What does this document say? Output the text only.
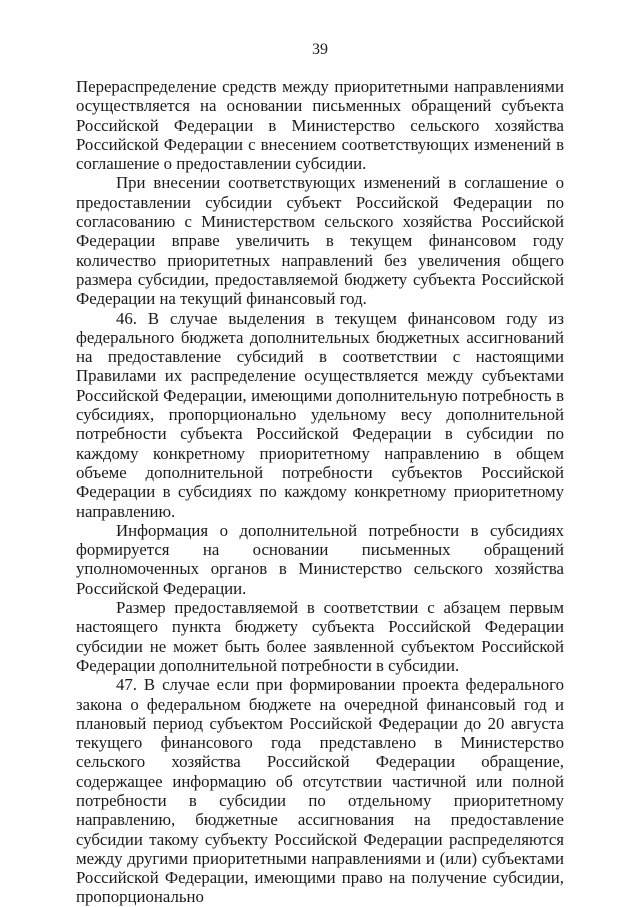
39

Перераспределение средств между приоритетными направлениями осуществляется на основании письменных обращений субъекта Российской Федерации в Министерство сельского хозяйства Российской Федерации с внесением соответствующих изменений в соглашение о предоставлении субсидии.

При внесении соответствующих изменений в соглашение о предоставлении субсидии субъект Российской Федерации по согласованию с Министерством сельского хозяйства Российской Федерации вправе увеличить в текущем финансовом году количество приоритетных направлений без увеличения общего размера субсидии, предоставляемой бюджету субъекта Российской Федерации на текущий финансовый год.

46. В случае выделения в текущем финансовом году из федерального бюджета дополнительных бюджетных ассигнований на предоставление субсидий в соответствии с настоящими Правилами их распределение осуществляется между субъектами Российской Федерации, имеющими дополнительную потребность в субсидиях, пропорционально удельному весу дополнительной потребности субъекта Российской Федерации в субсидии по каждому конкретному приоритетному направлению в общем объеме дополнительной потребности субъектов Российской Федерации в субсидиях по каждому конкретному приоритетному направлению.

Информация о дополнительной потребности в субсидиях формируется на основании письменных обращений уполномоченных органов в Министерство сельского хозяйства Российской Федерации.

Размер предоставляемой в соответствии с абзацем первым настоящего пункта бюджету субъекта Российской Федерации субсидии не может быть более заявленной субъектом Российской Федерации дополнительной потребности в субсидии.

47. В случае если при формировании проекта федерального закона о федеральном бюджете на очередной финансовый год и плановый период субъектом Российской Федерации до 20 августа текущего финансового года представлено в Министерство сельского хозяйства Российской Федерации обращение, содержащее информацию об отсутствии частичной или полной потребности в субсидии по отдельному приоритетному направлению, бюджетные ассигнования на предоставление субсидии такому субъекту Российской Федерации распределяются между другими приоритетными направлениями и (или) субъектами Российской Федерации, имеющими право на получение субсидии, пропорционально
